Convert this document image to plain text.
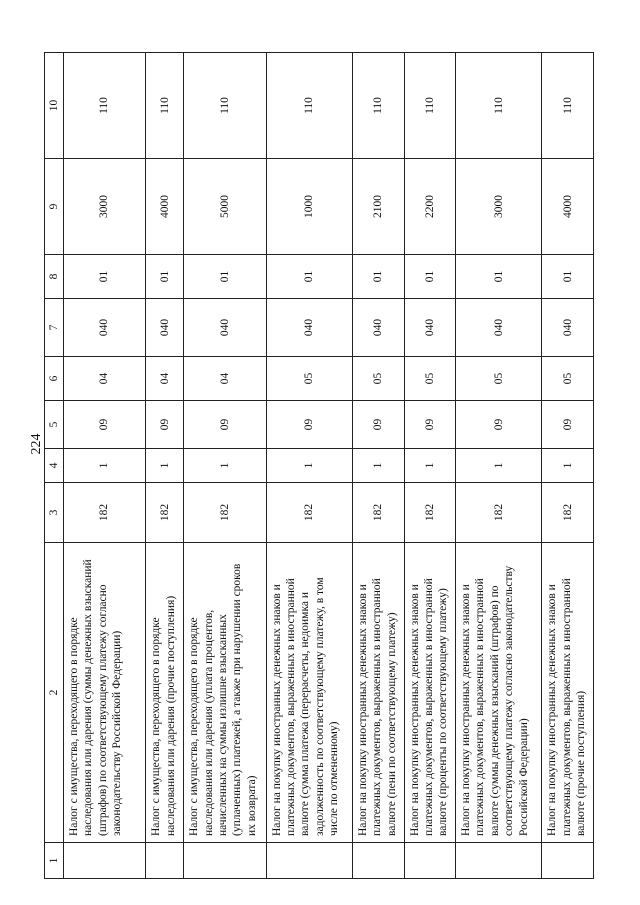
224
1	2	3	4	5	6	7	8	9	10
	Налог с имущества, переходящего в порядке наследования или дарения (суммы денежных взысканий (штрафов) по соответствующему платежу согласно законодательству Российской Федерации)	182	1	09	04	040	01	3000	110
	Налог с имущества, переходящего в порядке наследования или дарения (прочие поступления)	182	1	09	04	040	01	4000	110
	Налог с имущества, переходящего в порядке наследования или дарения (уплата процентов, начисленных на суммы излишне взысканных (уплаченных) платежей, а также при нарушении сроков их возврата)	182	1	09	04	040	01	5000	110
	Налог на покупку иностранных денежных знаков и платежных документов, выраженных в иностранной валюте (сумма платежа (перерасчеты, недоимка и задолженность по соответствующему платежу, в том числе по отмененному)	182	1	09	05	040	01	1000	110
	Налог на покупку иностранных денежных знаков и платежных документов, выраженных в иностранной валюте (пени по соответствующему платежу)	182	1	09	05	040	01	2100	110
	Налог на покупку иностранных денежных знаков и платежных документов, выраженных в иностранной валюте (проценты по соответствующему платежу)	182	1	09	05	040	01	2200	110
	Налог на покупку иностранных денежных знаков и платежных документов, выраженных в иностранной валюте (суммы денежных взысканий (штрафов) по соответствующему платежу согласно законодательству Российской Федерации)	182	1	09	05	040	01	3000	110
	Налог на покупку иностранных денежных знаков и платежных документов, выраженных в иностранной валюте (прочие поступления)	182	1	09	05	040	01	4000	110
